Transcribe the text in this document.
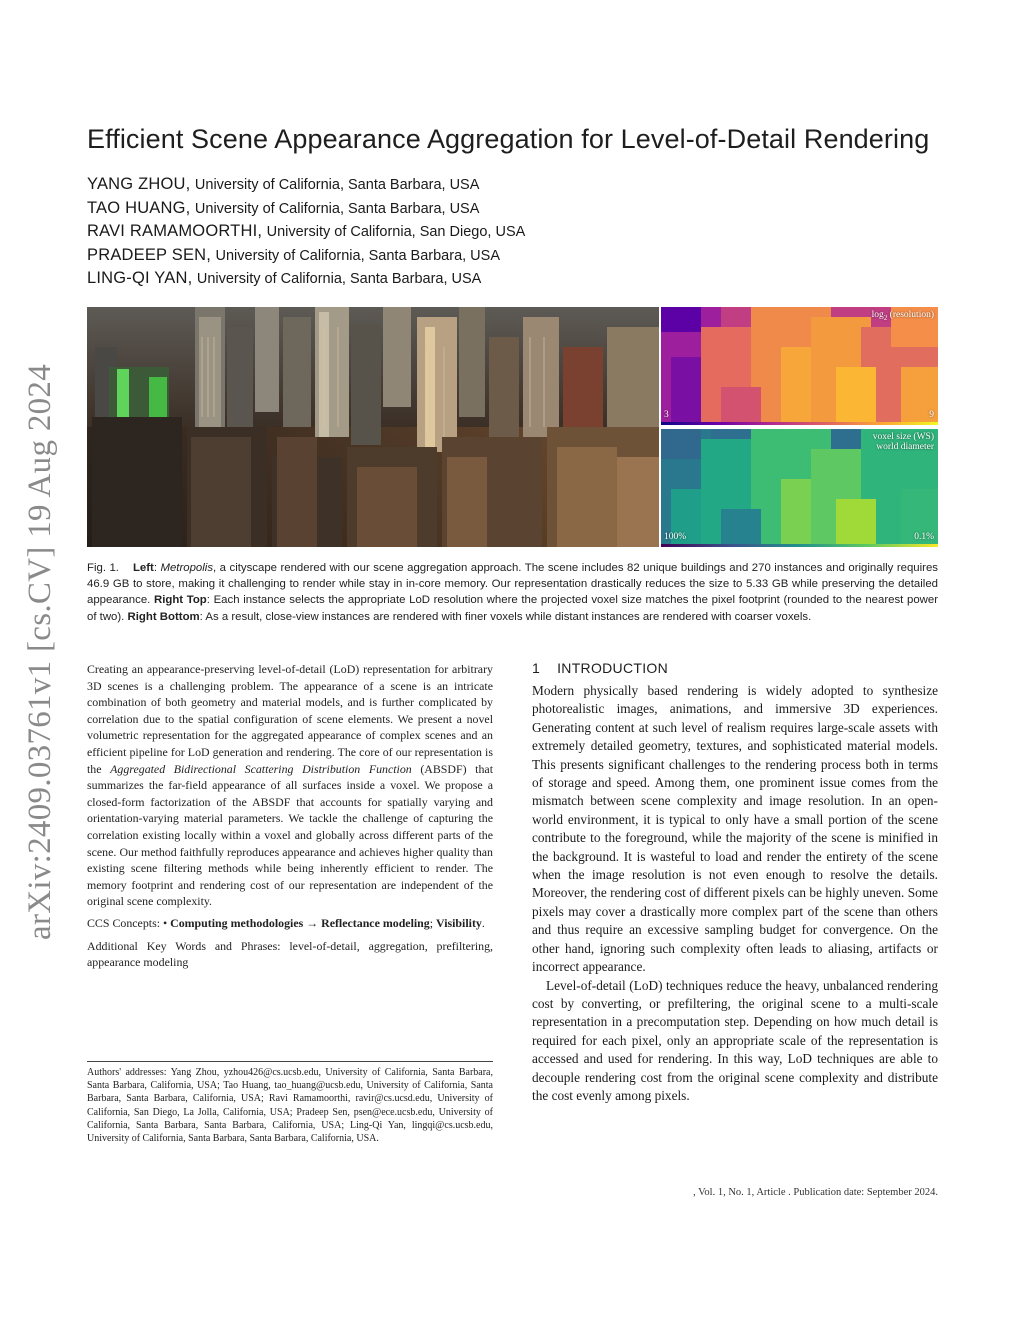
arXiv:2409.03761v1 [cs.CV] 19 Aug 2024
Efficient Scene Appearance Aggregation for Level-of-Detail Rendering
YANG ZHOU, University of California, Santa Barbara, USA
TAO HUANG, University of California, Santa Barbara, USA
RAVI RAMAMOORTHI, University of California, San Diego, USA
PRADEEP SEN, University of California, Santa Barbara, USA
LING-QI YAN, University of California, Santa Barbara, USA
$\log_2$ (resolution)
3	9
voxel size (WS)
world diameter
100%	0.1%
Fig. 1. Left: Metropolis, a cityscape rendered with our scene aggregation approach. The scene includes 82 unique buildings and 270 instances and originally requires 46.9 GB to store, making it challenging to render while stay in in-core memory. Our representation drastically reduces the size to 5.33 GB while preserving the detailed appearance. Right Top: Each instance selects the appropriate LoD resolution where the projected voxel size matches the pixel footprint (rounded to the nearest power of two). Right Bottom: As a result, close-view instances are rendered with finer voxels while distant instances are rendered with coarser voxels.

Creating an appearance-preserving level-of-detail (LoD) representation for arbitrary 3D scenes is a challenging problem. The appearance of a scene is an intricate combination of both geometry and material models, and is further complicated by correlation due to the spatial configuration of scene elements. We present a novel volumetric representation for the aggregated appearance of complex scenes and an efficient pipeline for LoD generation and rendering. The core of our representation is the Aggregated Bidirectional Scattering Distribution Function (ABSDF) that summarizes the far-field appearance of all surfaces inside a voxel. We propose a closed-form factorization of the ABSDF that accounts for spatially varying and orientation-varying material parameters. We tackle the challenge of capturing the correlation existing locally within a voxel and globally across different parts of the scene. Our method faithfully reproduces appearance and achieves higher quality than existing scene filtering methods while being inherently efficient to render. The memory footprint and rendering cost of our representation are independent of the original scene complexity.

CCS Concepts: • Computing methodologies → Reflectance modeling; Visibility.

Additional Key Words and Phrases: level-of-detail, aggregation, prefiltering, appearance modeling

Authors' addresses: Yang Zhou, yzhou426@cs.ucsb.edu, University of California, Santa Barbara, Santa Barbara, California, USA; Tao Huang, tao_huang@ucsb.edu, University of California, Santa Barbara, Santa Barbara, California, USA; Ravi Ramamoorthi, ravir@cs.ucsd.edu, University of California, San Diego, La Jolla, California, USA; Pradeep Sen, psen@ece.ucsb.edu, University of California, Santa Barbara, Santa Barbara, California, USA; Ling-Qi Yan, lingqi@cs.ucsb.edu, University of California, Santa Barbara, Santa Barbara, California, USA.
1 INTRODUCTION

Modern physically based rendering is widely adopted to synthesize photorealistic images, animations, and immersive 3D experiences. Generating content at such level of realism requires large-scale assets with extremely detailed geometry, textures, and sophisticated material models. This presents significant challenges to the rendering process both in terms of storage and speed. Among them, one prominent issue comes from the mismatch between scene complexity and image resolution. In an open-world environment, it is typical to only have a small portion of the scene contribute to the foreground, while the majority of the scene is minified in the background. It is wasteful to load and render the entirety of the scene when the image resolution is not even enough to resolve the details. Moreover, the rendering cost of different pixels can be highly uneven. Some pixels may cover a drastically more complex part of the scene than others and thus require an excessive sampling budget for convergence. On the other hand, ignoring such complexity often leads to aliasing, artifacts or incorrect appearance.

Level-of-detail (LoD) techniques reduce the heavy, unbalanced rendering cost by converting, or prefiltering, the original scene to a multi-scale representation in a precomputation step. Depending on how much detail is required for each pixel, only an appropriate scale of the representation is accessed and used for rendering. In this way, LoD techniques are able to decouple rendering cost from the original scene complexity and distribute the cost evenly among pixels.

, Vol. 1, No. 1, Article . Publication date: September 2024.
